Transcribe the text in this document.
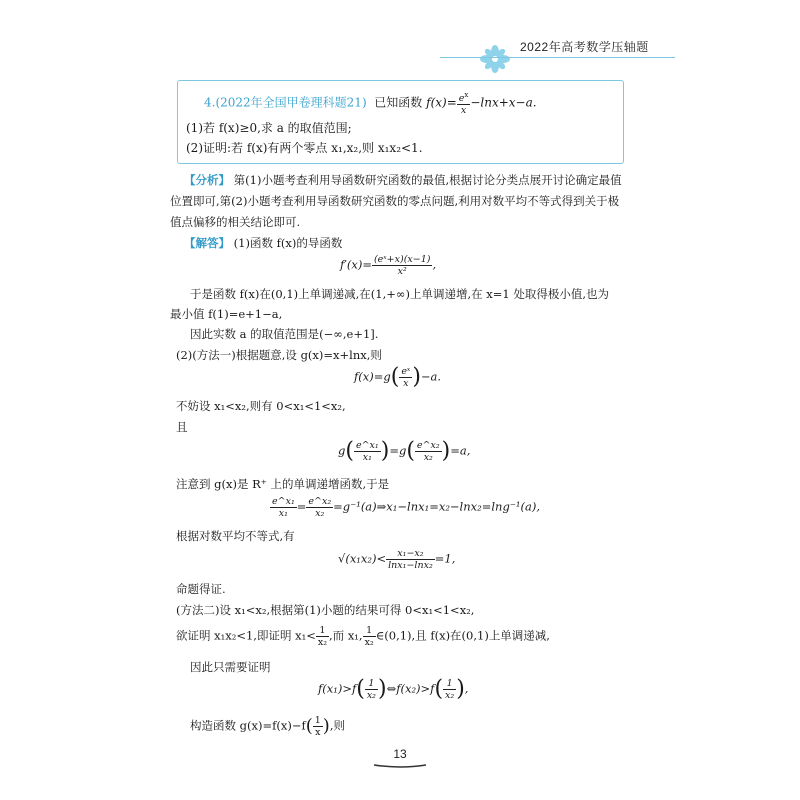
2022年高考数学压轴题
4.(2022年全国甲卷理科题21) 已知函数 $f(x)= \frac{e^x}{x} -\ln x+x-a$.
(1)若 f(x)≥0,求 a 的取值范围;
(2)证明:若 f(x)有两个零点 x₁,x₂,则 x₁x₂<1.
【分析】 第(1)小题考查利用导函数研究函数的最值,根据讨论分类点展开讨论确定最值
位置即可,第(2)小题考查利用导函数研究函数的零点问题,利用对数平均不等式得到关于极
值点偏移的相关结论即可.
【解答】 (1)函数 f(x)的导函数
$f'(x)= \frac{\text{(eˣ+x)(x−1)}}{\text{x²}}$ ,
于是函数 f(x)在(0,1)上单调递减,在(1,+∞)上单调递增,在 x=1 处取得极小值,也为
最小值 f(1)=e+1−a,
因此实数 a 的取值范围是(−∞,e+1].
(2)(方法一)根据题意,设 g(x)=x+lnx,则
$f(x)=g( \frac{\text{eˣ}}{x} )-a$.
不妨设 x₁<x₂,则有 0<x₁<1<x₂,
且
$g( \frac{\text{e\textasciicircum{}x₁}}{\text{x₁}} )=g( \frac{\text{e\textasciicircum{}x₂}}{\text{x₂}} )=a$,
注意到 g(x)是 R⁺ 上的单调递增函数,于是
$\frac{\text{e\textasciicircum{}x₁}}{\text{x₁}} = \frac{\text{e\textasciicircum{}x₂}}{\text{x₂}}$ =g⁻¹(a)⇒x₁−lnx₁=x₂−lnx₂=lng⁻¹(a),
根据对数平均不等式,有
$√(x_1x_2)< \frac{\text{x₁−x₂}}{\text{lnx₁−lnx₂}} =1$,
命题得证.
(方法二)设 x₁<x₂,根据第(1)小题的结果可得 0<x₁<1<x₂,
欲证明 x₁x₂<1,即证明 $x_1< \frac{1}{\text{x₂}}$ ,而 x₁, $\frac{1}{\text{x₂}}$ ∈(0,1),且 f(x)在(0,1)上单调递减,
因此只需要证明
$f(x_1)>f( \frac{1}{\text{x₂}}$ )⇔f(x₂)>f( $\frac{1}{\text{x₂}}$ ),
构造函数 $g(x)=f(x)-f( \frac{1}{x}$ ),则
13
